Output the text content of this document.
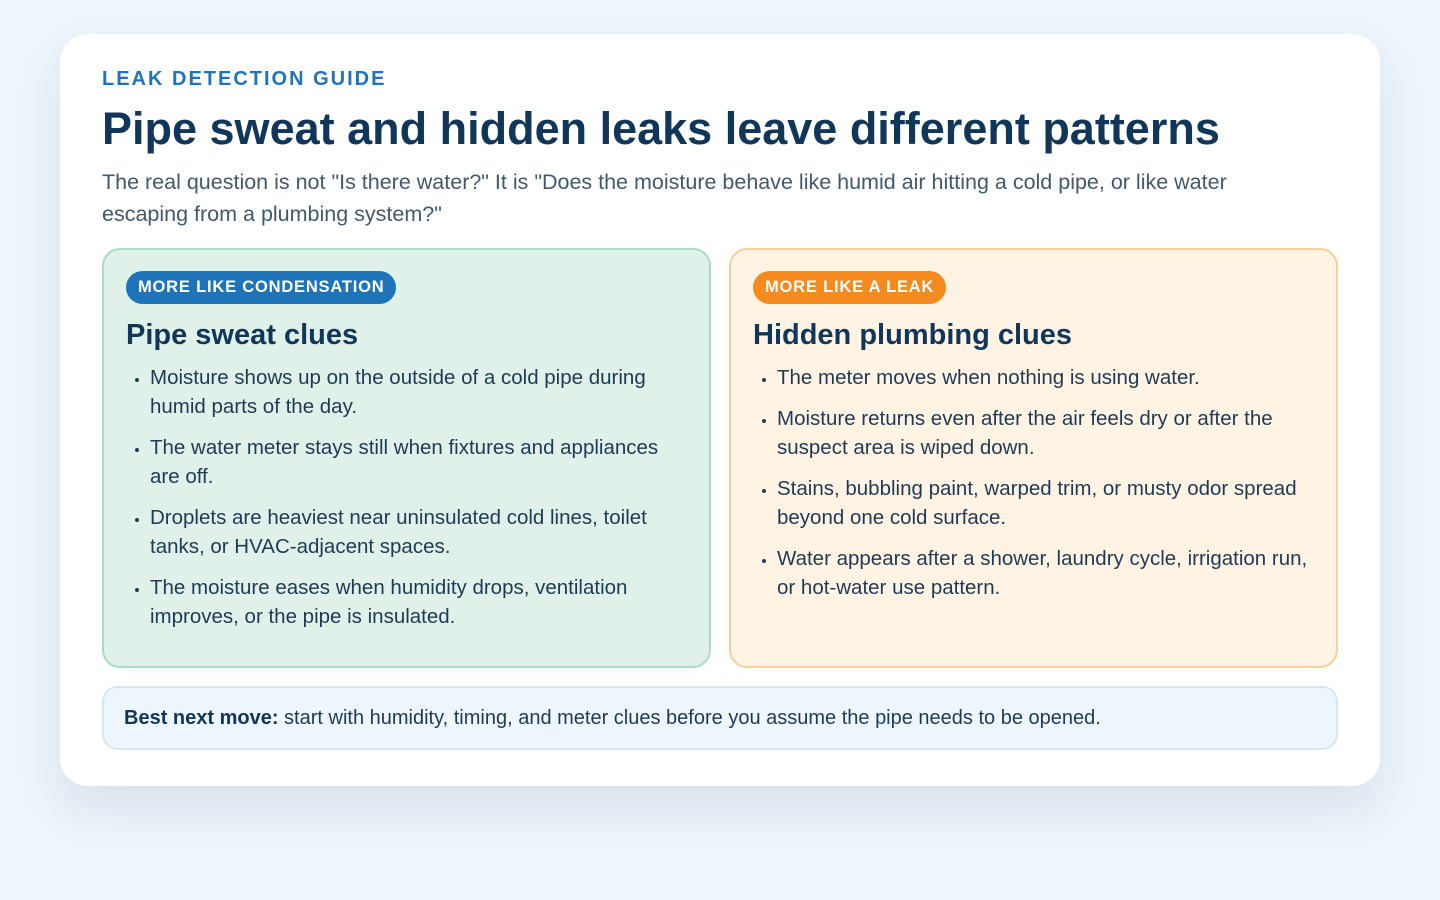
LEAK DETECTION GUIDE

Pipe sweat and hidden leaks leave different patterns

The real question is not "Is there water?" It is "Does the moisture behave like humid air hitting a cold pipe, or like water escaping from a plumbing system?"

MORE LIKE CONDENSATION
Pipe sweat clues
• Moisture shows up on the outside of a cold pipe during humid parts of the day.
• The water meter stays still when fixtures and appliances are off.
• Droplets are heaviest near uninsulated cold lines, toilet tanks, or HVAC-adjacent spaces.
• The moisture eases when humidity drops, ventilation improves, or the pipe is insulated.
MORE LIKE A LEAK
Hidden plumbing clues
• The meter moves when nothing is using water.
• Moisture returns even after the air feels dry or after the suspect area is wiped down.
• Stains, bubbling paint, warped trim, or musty odor spread beyond one cold surface.
• Water appears after a shower, laundry cycle, irrigation run, or hot-water use pattern.
Best next move: start with humidity, timing, and meter clues before you assume the pipe needs to be opened.
